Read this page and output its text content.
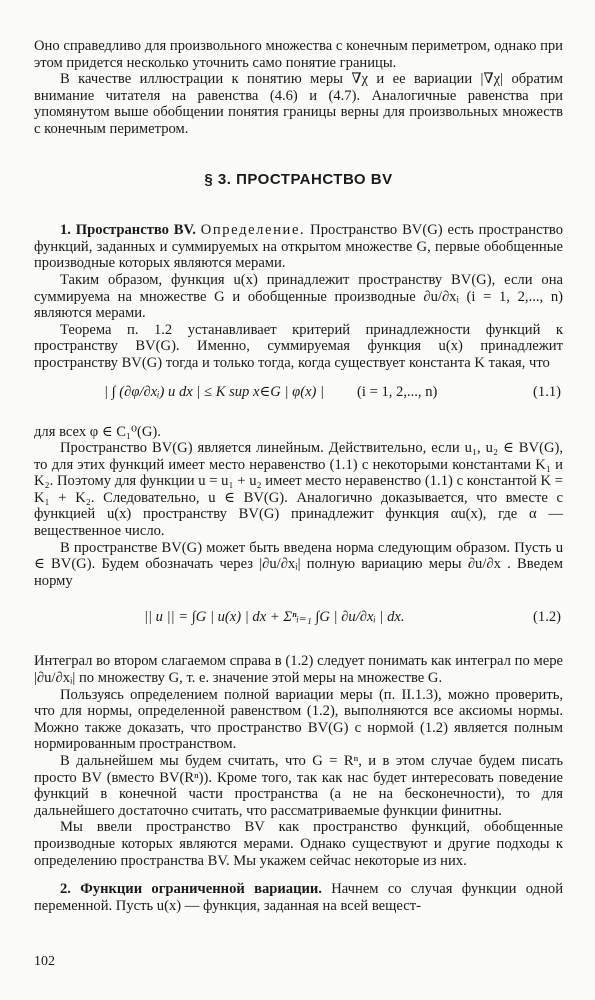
Оно справедливо для произвольного множества с конечным периметром, однако при этом придется несколько уточнить само понятие границы.

В качестве иллюстрации к понятию меры ∇χ и ее вариации |∇χ| обратим внимание читателя на равенства (4.6) и (4.7). Аналогичные равенства при упомянутом выше обобщении понятия границы верны для произвольных множеств с конечным периметром.

§ 3. ПРОСТРАНСТВО BV

1. Пространство BV. Определение. Пространство BV(G) есть пространство функций, заданных и суммируемых на открытом множестве G, первые обобщенные производные которых являются мерами.

Таким образом, функция u(x) принадлежит пространству BV(G), если она суммируема на множестве G и обобщенные производные ∂u/∂xᵢ (i = 1, 2,..., n) являются мерами.

Теорема п. 1.2 устанавливает критерий принадлежности функций к пространству BV(G). Именно, суммируемая функция u(x) принадлежит пространству BV(G) тогда и только тогда, когда существует константа K такая, что

| ∫ (∂φ/∂xᵢ) u dx | ≤ K sup x∈G | φ(x) | (i = 1, 2,..., n)	(1.1)

для всех φ ∈ C₁⁰(G).

Пространство BV(G) является линейным. Действительно, если u₁, u₂ ∈ BV(G), то для этих функций имеет место неравенство (1.1) с некоторыми константами K₁ и K₂. Поэтому для функции u = u₁ + u₂ имеет место неравенство (1.1) с константой K = K₁ + K₂. Следовательно, u ∈ BV(G). Аналогично доказывается, что вместе с функцией u(x) пространству BV(G) принадлежит функция αu(x), где α — вещественное число.

В пространстве BV(G) может быть введена норма следующим образом. Пусть u ∈ BV(G). Будем обозначать через |∂u/∂xᵢ| полную вариацию меры ∂u/∂x . Введем норму

|| u || = ∫G | u(x) | dx + Σⁿᵢ₌₁ ∫G | ∂u/∂xᵢ | dx.	(1.2)

Интеграл во втором слагаемом справа в (1.2) следует понимать как интеграл по мере |∂u/∂xᵢ| по множеству G, т. е. значение этой меры на множестве G.

Пользуясь определением полной вариации меры (п. II.1.3), можно проверить, что для нормы, определенной равенством (1.2), выполняются все аксиомы нормы. Можно также доказать, что пространство BV(G) с нормой (1.2) является полным нормированным пространством.

В дальнейшем мы будем считать, что G = Rⁿ, и в этом случае будем писать просто BV (вместо BV(Rⁿ)). Кроме того, так как нас будет интересовать поведение функций в конечной части пространства (а не на бесконечности), то для дальнейшего достаточно считать, что рассматриваемые функции финитны.

Мы ввели пространство BV как пространство функций, обобщенные производные которых являются мерами. Однако существуют и другие подходы к определению пространства BV. Мы укажем сейчас некоторые из них.

2. Функции ограниченной вариации. Начнем со случая функции одной переменной. Пусть u(x) — функция, заданная на всей вещест-

102
